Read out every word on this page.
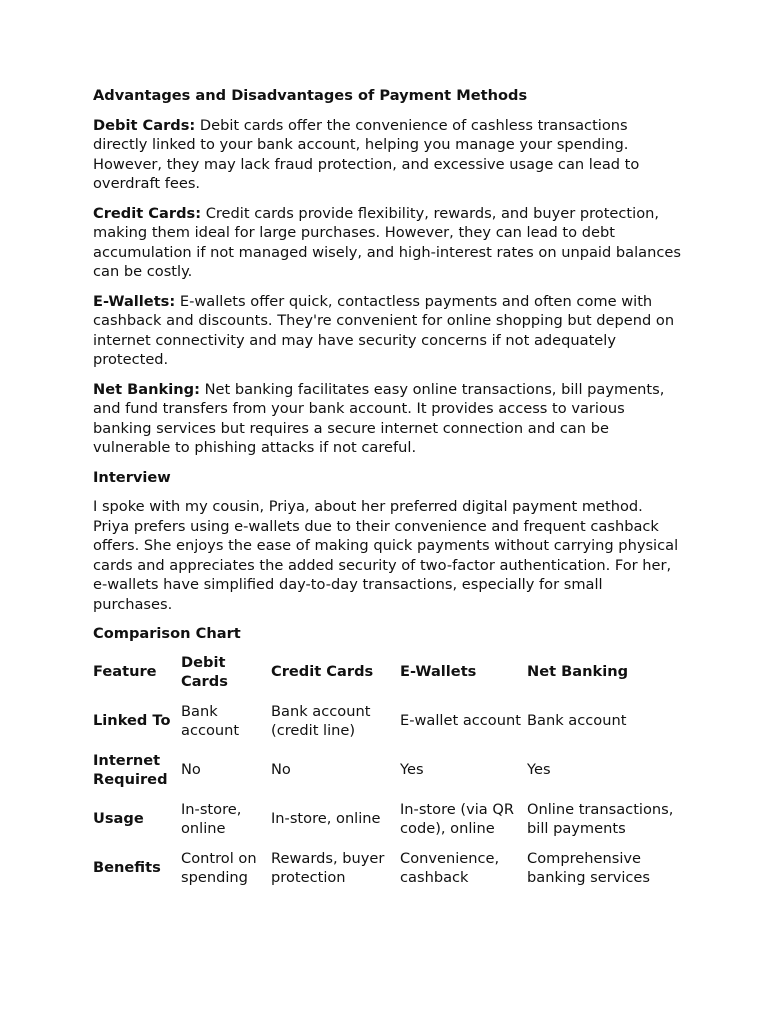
Advantages and Disadvantages of Payment Methods
Debit Cards: Debit cards offer the convenience of cashless transactions directly linked to your bank account, helping you manage your spending. However, they may lack fraud protection, and excessive usage can lead to overdraft fees.
Credit Cards: Credit cards provide flexibility, rewards, and buyer protection, making them ideal for large purchases. However, they can lead to debt accumulation if not managed wisely, and high-interest rates on unpaid balances can be costly.
E-Wallets: E-wallets offer quick, contactless payments and often come with cashback and discounts. They're convenient for online shopping but depend on internet connectivity and may have security concerns if not adequately protected.
Net Banking: Net banking facilitates easy online transactions, bill payments, and fund transfers from your bank account. It provides access to various banking services but requires a secure internet connection and can be vulnerable to phishing attacks if not careful.
Interview
I spoke with my cousin, Priya, about her preferred digital payment method. Priya prefers using e-wallets due to their convenience and frequent cashback offers. She enjoys the ease of making quick payments without carrying physical cards and appreciates the added security of two-factor authentication. For her, e-wallets have simplified day-to-day transactions, especially for small purchases.
Comparison Chart
Feature	Debit Cards	Credit Cards	E-Wallets	Net Banking
Linked To	Bank account	Bank account (credit line)	E-wallet account	Bank account
Internet Required	No	No	Yes	Yes
Usage	In-store, online	In-store, online	In-store (via QR code), online	Online transactions, bill payments
Benefits	Control on spending	Rewards, buyer protection	Convenience, cashback	Comprehensive banking services
